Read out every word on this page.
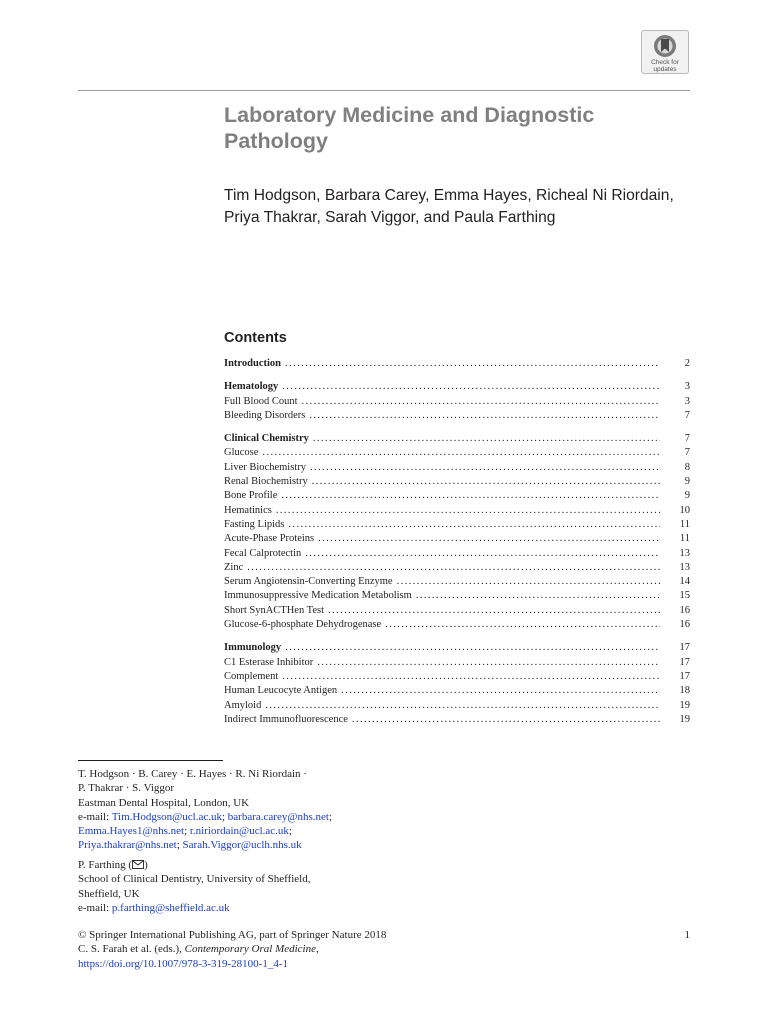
Check for updates
Laboratory Medicine and Diagnostic Pathology
Tim Hodgson, Barbara Carey, Emma Hayes, Richeal Ni Riordain,
Priya Thakrar, Sarah Viggor, and Paula Farthing
Contents
Introduction .....	2
Hematology .....	3
Full Blood Count .....	3
Bleeding Disorders .....	7
Clinical Chemistry .....	7
Glucose .....	7
Liver Biochemistry .....	8
Renal Biochemistry .....	9
Bone Profile .....	9
Hematinics .....	10
Fasting Lipids .....	11
Acute-Phase Proteins .....	11
Fecal Calprotectin .....	13
Zinc .....	13
Serum Angiotensin-Converting Enzyme .....	14
Immunosuppressive Medication Metabolism .....	15
Short SynACTHen Test .....	16
Glucose-6-phosphate Dehydrogenase .....	16
Immunology .....	17
C1 Esterase Inhibitor .....	17
Complement .....	17
Human Leucocyte Antigen .....	18
Amyloid .....	19
Indirect Immunofluorescence .....	19
T. Hodgson · B. Carey · E. Hayes · R. Ni Riordain ·
P. Thakrar · S. Viggor
Eastman Dental Hospital, London, UK
e-mail: Tim.Hodgson@ucl.ac.uk; barbara.carey@nhs.net;
Emma.Hayes1@nhs.net; r.niriordain@ucl.ac.uk;
Priya.thakrar@nhs.net; Sarah.Viggor@uclh.nhs.uk
P. Farthing ( )
School of Clinical Dentistry, University of Sheffield,
Sheffield, UK
e-mail: p.farthing@sheffield.ac.uk
© Springer International Publishing AG, part of Springer Nature 2018
C. S. Farah et al. (eds.), Contemporary Oral Medicine,
https://doi.org/10.1007/978-3-319-28100-1_4-1
1
